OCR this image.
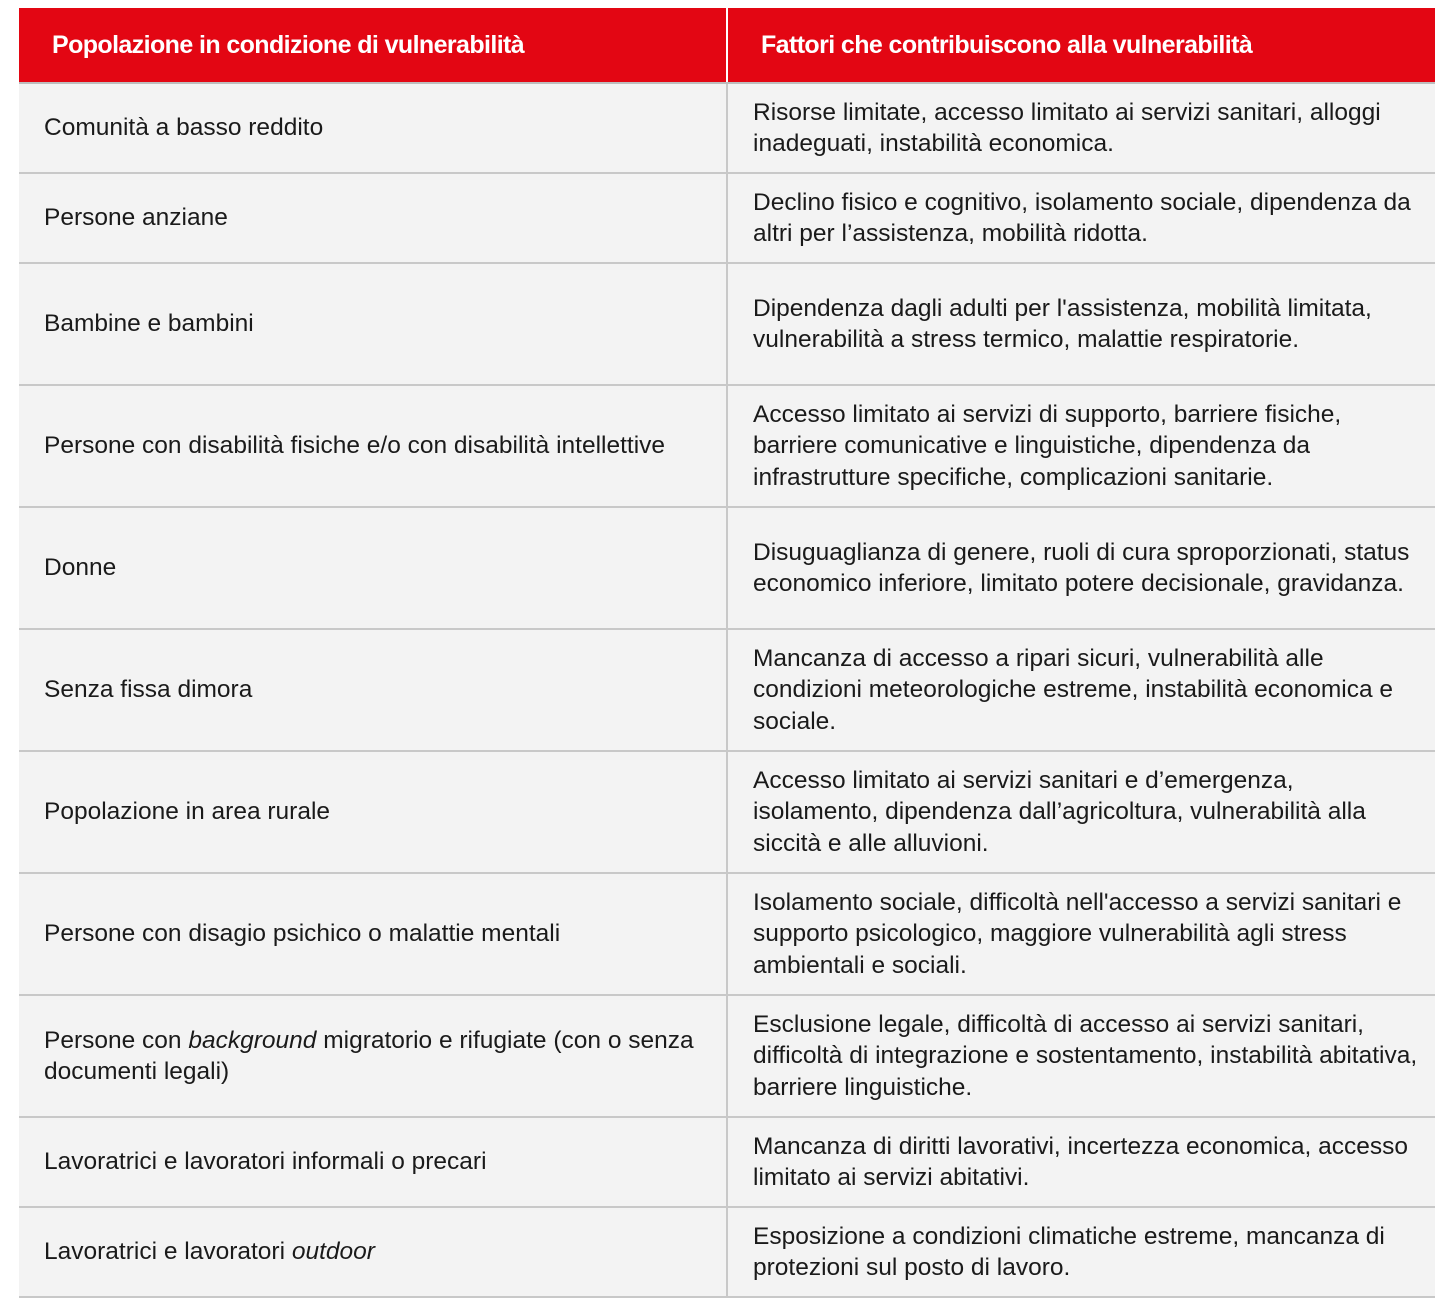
Popolazione in condizione di vulnerabilità	Fattori che contribuiscono alla vulnerabilità
Comunità a basso reddito	Risorse limitate, accesso limitato ai servizi sanitari, alloggi inadeguati, instabilità economica.
Persone anziane	Declino fisico e cognitivo, isolamento sociale, dipendenza da altri per l’assistenza, mobilità ridotta.
Bambine e bambini	Dipendenza dagli adulti per l'assistenza, mobilità limitata, vulnerabilità a stress termico, malattie respiratorie.
Persone con disabilità fisiche e/o con disabilità intellettive	Accesso limitato ai servizi di supporto, barriere fisiche, barriere comunicative e linguistiche, dipendenza da infrastrutture specifiche, complicazioni sanitarie.
Donne	Disuguaglianza di genere, ruoli di cura sproporzionati, status economico inferiore, limitato potere decisionale, gravidanza.
Senza fissa dimora	Mancanza di accesso a ripari sicuri, vulnerabilità alle condizioni meteorologiche estreme, instabilità economica e sociale.
Popolazione in area rurale	Accesso limitato ai servizi sanitari e d’emergenza, isolamento, dipendenza dall’agricoltura, vulnerabilità alla siccità e alle alluvioni.
Persone con disagio psichico o malattie mentali	Isolamento sociale, difficoltà nell'accesso a servizi sanitari e supporto psicologico, maggiore vulnerabilità agli stress ambientali e sociali.
Persone con background migratorio e rifugiate (con o senza documenti legali)	Esclusione legale, difficoltà di accesso ai servizi sanitari, difficoltà di integrazione e sostentamento, instabilità abitativa, barriere linguistiche.
Lavoratrici e lavoratori informali o precari	Mancanza di diritti lavorativi, incertezza economica, accesso limitato ai servizi abitativi.
Lavoratrici e lavoratori outdoor	Esposizione a condizioni climatiche estreme, mancanza di protezioni sul posto di lavoro.
